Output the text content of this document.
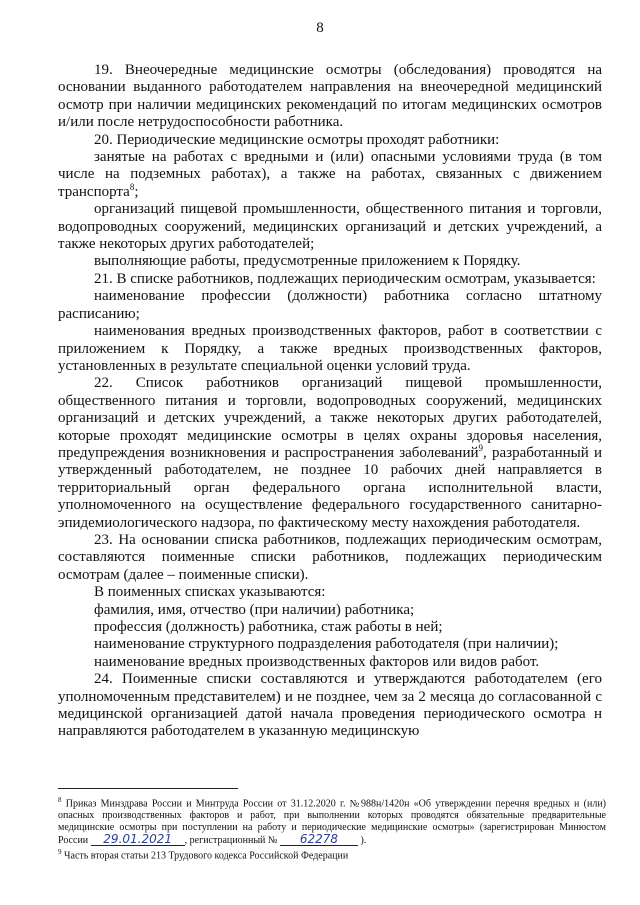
8

19. Внеочередные медицинские осмотры (обследования) проводятся на основании выданного работодателем направления на внеочередной медицинский осмотр при наличии медицинских рекомендаций по итогам медицинских осмотров и/или после нетрудоспособности работника.

20. Периодические медицинские осмотры проходят работники:

занятые на работах с вредными и (или) опасными условиями труда (в том числе на подземных работах), а также на работах, связанных с движением транспорта$^8$;

организаций пищевой промышленности, общественного питания и торговли, водопроводных сооружений, медицинских организаций и детских учреждений, а также некоторых других работодателей;

выполняющие работы, предусмотренные приложением к Порядку.

21. В списке работников, подлежащих периодическим осмотрам, указывается:

наименование профессии (должности) работника согласно штатному расписанию;

наименования вредных производственных факторов, работ в соответствии с приложением к Порядку, а также вредных производственных факторов, установленных в результате специальной оценки условий труда.

22. Список работников организаций пищевой промышленности, общественного питания и торговли, водопроводных сооружений, медицинских организаций и детских учреждений, а также некоторых других работодателей, которые проходят медицинские осмотры в целях охраны здоровья населения, предупреждения возникновения и распространения заболеваний$^9$, разработанный и утвержденный работодателем, не позднее 10 рабочих дней направляется в территориальный орган федерального органа исполнительной власти, уполномоченного на осуществление федерального государственного санитарно-эпидемиологического надзора, по фактическому месту нахождения работодателя.

23. На основании списка работников, подлежащих периодическим осмотрам, составляются поименные списки работников, подлежащих периодическим осмотрам (далее – поименные списки).

В поименных списках указываются:

фамилия, имя, отчество (при наличии) работника;

профессия (должность) работника, стаж работы в ней;

наименование структурного подразделения работодателя (при наличии);

наименование вредных производственных факторов или видов работ.

24. Поименные списки составляются и утверждаются работодателем (его уполномоченным представителем) и не позднее, чем за 2 месяца до согласованной с медицинской организацией датой начала проведения периодического осмотра н направляются работодателем в указанную медицинскую

$^8$ Приказ Минздрава России и Минтруда России от 31.12.2020 г. №988н/1420н «Об утверждении перечня вредных и (или) опасных производственных факторов и работ, при выполнении которых проводятся обязательные предварительные медицинские осмотры при поступлении на работу и периодические медицинские осмотры» (зарегистрирован Минюстом России 29.01.2021 , регистрационный № 62278 ).

$^9$ Часть вторая статьи 213 Трудового кодекса Российской Федерации
